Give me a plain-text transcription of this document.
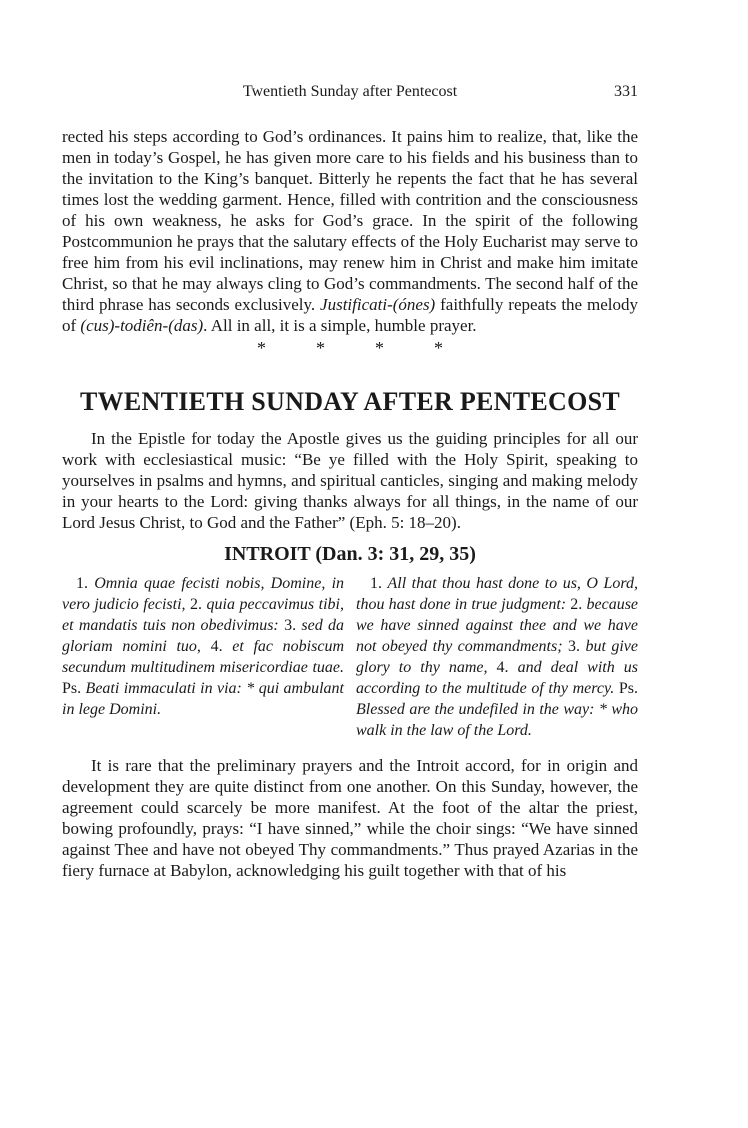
Twentieth Sunday after Pentecost	331

rected his steps according to God’s ordinances. It pains him to realize, that, like the men in today’s Gospel, he has given more care to his fields and his business than to the invitation to the King’s banquet. Bitterly he repents the fact that he has several times lost the wedding garment. Hence, filled with contrition and the consciousness of his own weakness, he asks for God’s grace. In the spirit of the following Postcommunion he prays that the salutary effects of the Holy Eucharist may serve to free him from his evil inclinations, may renew him in Christ and make him imitate Christ, so that he may always cling to God’s commandments. The second half of the third phrase has seconds exclusively. Justificati-(ónes) faithfully repeats the melody of (cus)-todiên-(das). All in all, it is a simple, humble prayer.

*	*	*	*
TWENTIETH SUNDAY AFTER PENTECOST

In the Epistle for today the Apostle gives us the guiding principles for all our work with ecclesiastical music: “Be ye filled with the Holy Spirit, speaking to yourselves in psalms and hymns, and spiritual canticles, singing and making melody in your hearts to the Lord: giving thanks always for all things, in the name of our Lord Jesus Christ, to God and the Father” (Eph. 5: 18–20).

INTROIT (Dan. 3: 31, 29, 35)

1. Omnia quae fecisti nobis, Domine, in vero judicio fecisti, 2. quia peccavimus tibi, et mandatis tuis non obedivimus: 3. sed da gloriam nomini tuo, 4. et fac nobiscum secundum multitudinem misericordiae tuae. Ps. Beati immaculati in via: * qui ambulant in lege Domini.

1. All that thou hast done to us, O Lord, thou hast done in true judgment: 2. because we have sinned against thee and we have not obeyed thy commandments; 3. but give glory to thy name, 4. and deal with us according to the multitude of thy mercy. Ps. Blessed are the undefiled in the way: * who walk in the law of the Lord.

It is rare that the preliminary prayers and the Introit accord, for in origin and development they are quite distinct from one another. On this Sunday, however, the agreement could scarcely be more manifest. At the foot of the altar the priest, bowing profoundly, prays: “I have sinned,” while the choir sings: “We have sinned against Thee and have not obeyed Thy commandments.” Thus prayed Azarias in the fiery furnace at Babylon, acknowledging his guilt together with that of his
